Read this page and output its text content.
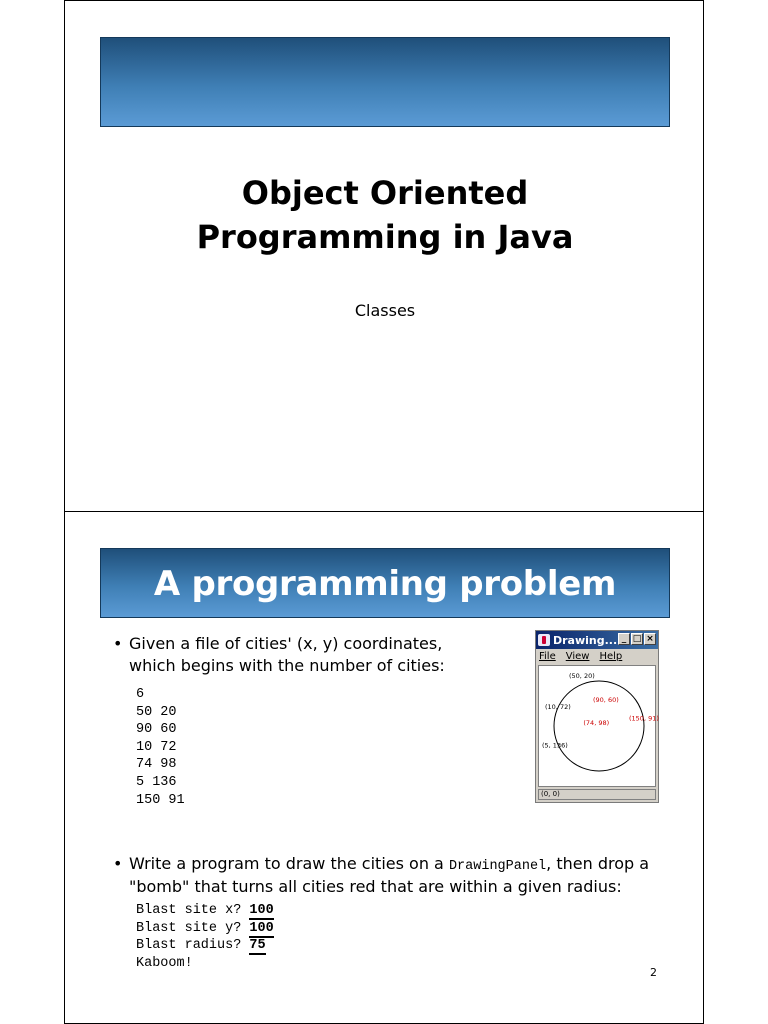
Object Oriented
Programming in Java
Classes
A programming problem
• Given a file of cities' (x, y) coordinates,
which begins with the number of cities:
6
50 20
90 60
10 72
74 98
5 136
150 91
Drawing... _ □ ×
File View Help
(50, 20)
(90, 60)
(10, 72)
(74, 98)
(5, 136)
(150, 91)
(0, 0)
• Write a program to draw the cities on a DrawingPanel, then drop a
"bomb" that turns all cities red that are within a given radius:
Blast site x? 100
Blast site y? 100
Blast radius? 75
Kaboom!
2
